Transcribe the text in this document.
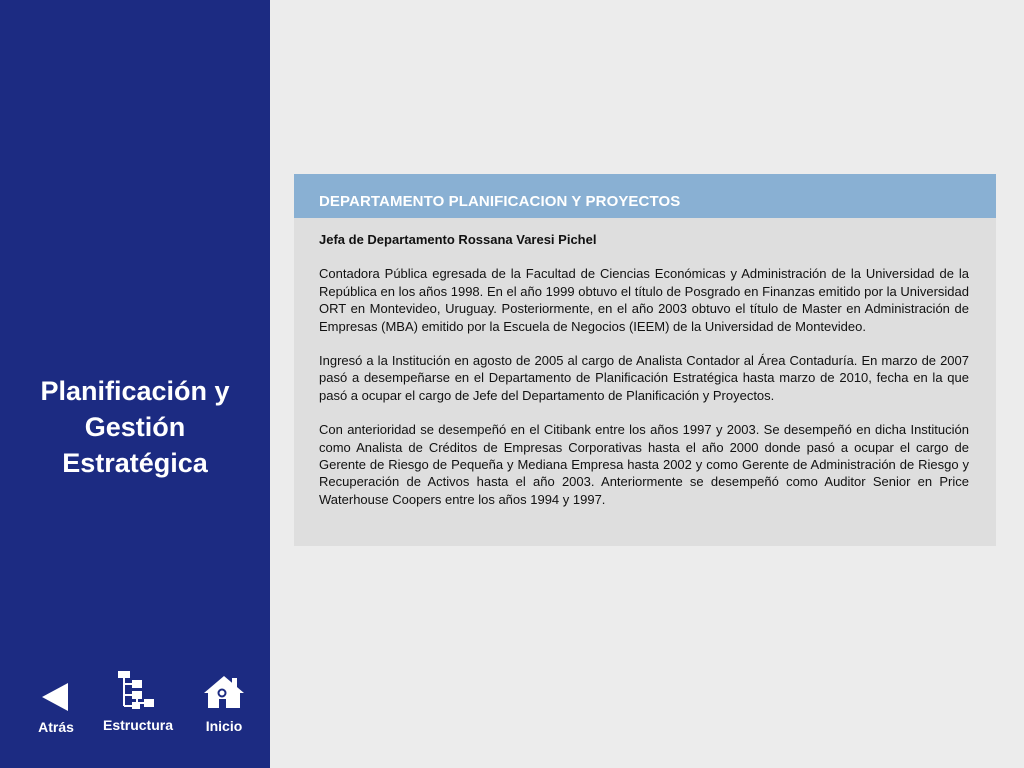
Planificación y
Gestión
Estratégica
Atrás	Estructura	Inicio
DEPARTAMENTO PLANIFICACION Y PROYECTOS

Jefa de Departamento Rossana Varesi Pichel

Contadora Pública egresada de la Facultad de Ciencias Económicas y Administración de la Universidad de la República en los años 1998. En el año 1999 obtuvo el título de Posgrado en Finanzas emitido por la Universidad ORT en Montevideo, Uruguay. Posteriormente, en el año 2003 obtuvo el título de Master en Administración de Empresas (MBA) emitido por la Escuela de Negocios (IEEM) de la Universidad de Montevideo.

Ingresó a la Institución en agosto de 2005 al cargo de Analista Contador al Área Contaduría. En marzo de 2007 pasó a desempeñarse en el Departamento de Planificación Estratégica hasta marzo de 2010, fecha en la que pasó a ocupar el cargo de Jefe del Departamento de Planificación y Proyectos.

Con anterioridad se desempeñó en el Citibank entre los años 1997 y 2003. Se desempeñó en dicha Institución como Analista de Créditos de Empresas Corporativas hasta el año 2000 donde pasó a ocupar el cargo de Gerente de Riesgo de Pequeña y Mediana Empresa hasta 2002 y como Gerente de Administración de Riesgo y Recuperación de Activos hasta el año 2003. Anteriormente se desempeñó como Auditor Senior en Price Waterhouse Coopers entre los años 1994 y 1997.
